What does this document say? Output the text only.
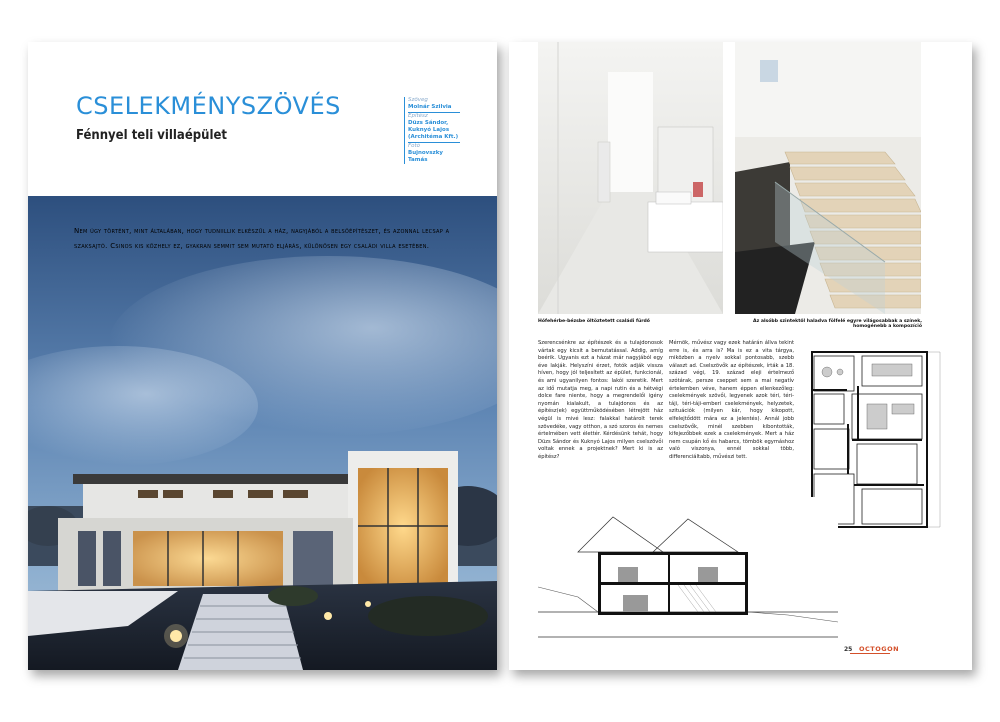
CSELEKMÉNYSZÖVÉS
Fénnyel teli villaépület
Szöveg
Molnár Szilvia
Építész
Düzs Sándor, Kuknyó Lajos (Architéma Kft.)
Fotó
Bujnovszky Tamás
Nem úgy történt, mint általában, hogy tudniillik elkészül a ház, nagyjából a belsőépítészet, és azonnal lecsap a szaksajtó. Csinos kis közhely ez, gyakran semmit sem mutató eljárás, különösen egy családi villa esetében.
Hófehérbe-bézsbe öltöztetett családi fürdő	Az alsóbb szintektől haladva fölfelé egyre világosabbak a színek, homogénebb a kompozíció
Szerencsénkre az építészek és a tulajdonosok vártak egy kicsit a bemutatással. Addig, amíg beérik. Ugyanis ezt a házat már nagyjából egy éve lakják. Helyszíni érzet, fotók adják vissza híven, hogy jól teljesített az épület, funkcionál, és ami ugyanilyen fontos: lakói szeretik. Mert az idő mutatja meg, a napi rutin és a hétvégi dolce fare niente, hogy a megrendelői igény nyomán kialakult, a tulajdonos és az építész(ek) együttműködésében létrejött ház végül is mivé lesz: falakkal határolt terek szövedéke, vagy otthon, a szó szoros és nemes értelmében vett élettér. Kérdésünk tehát, hogy Düzs Sándor és Kuknyó Lajos milyen cselszövői voltak ennek a projektnek? Mert ki is az építész?
Mérnök, művész vagy ezek határán állva tekint erre is, és arra is? Ma is ez a vita tárgya, miközben a nyelv sokkal pontosabb, szebb választ ad. Cselszövők az építészek, írták a 18. század végi, 19. század eleji értelmező szótárak, persze cseppet sem a mai negatív értelemben véve, hanem éppen ellenkezőleg: cselekmények szövői, legyenek azok téri, téri-táji, téri-táji-emberi cselekmények, helyzetek, szituációk (milyen kár, hogy kikopott, elfelejtődött mára ez a jelentés). Annál jobb cselszövők, minél szebben kibontották, kifejezőbbek ezek a cselekmények. Mert a ház nem csupán kő és habarcs, tömbök egymáshoz való viszonya, ennél sokkal több, differenciáltabb, művészi tett.
25 OCTOGON
